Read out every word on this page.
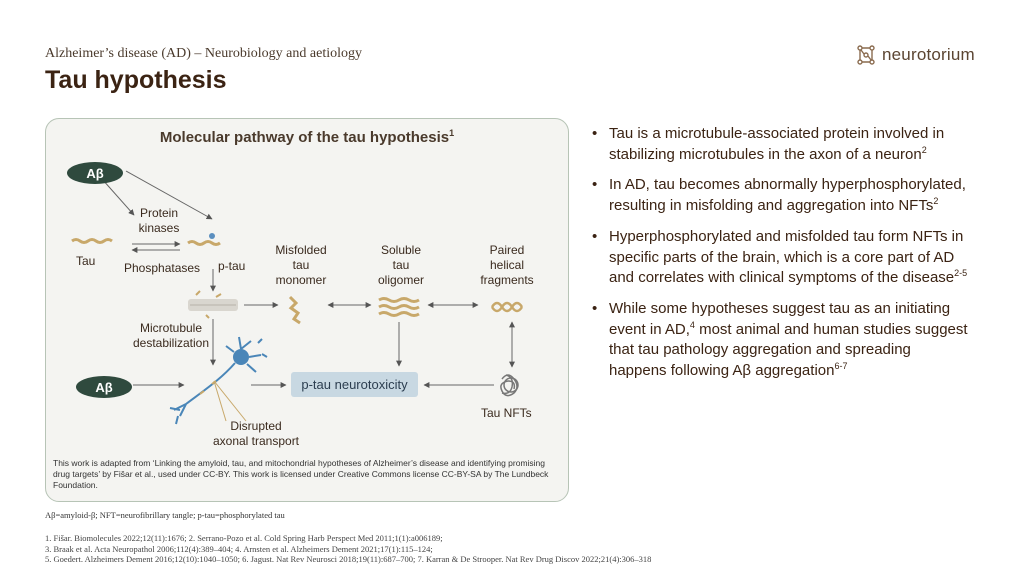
Alzheimer’s disease (AD) – Neurobiology and aetiology
Tau hypothesis
neurotorium
Molecular pathway of the tau hypothesis$^1$
Aβ
Aβ
Protein
kinases
Tau Phosphatases p-tau
Misfolded
tau
monomer
Soluble
tau
oligomer
Paired
helical
fragments
Microtubule
destabilization
p-tau neurotoxicity
Tau NFTs
Disrupted
axonal transport
This work is adapted from ‘Linking the amyloid, tau, and mitochondrial hypotheses of Alzheimer’s disease and identifying promising drug targets’ by Fišar et al., used under CC-BY. This work is licensed under Creative Commons license CC-BY-SA by The Lundbeck Foundation.
Aβ=amyloid-β; NFT=neurofibrillary tangle; p-tau=phosphorylated tau
1. Fišar. Biomolecules 2022;12(11):1676; 2. Serrano-Pozo et al. Cold Spring Harb Perspect Med 2011;1(1):a006189;
3. Braak et al. Acta Neuropathol 2006;112(4):389–404; 4. Arnsten et al. Alzheimers Dement 2021;17(1):115–124;
5. Goedert. Alzheimers Dement 2016;12(10):1040–1050; 6. Jagust. Nat Rev Neurosci 2018;19(11):687–700; 7. Karran & De Strooper. Nat Rev Drug Discov 2022;21(4):306–318
• Tau is a microtubule-associated protein involved in stabilizing microtubules in the axon of a neuron$^2$
• In AD, tau becomes abnormally hyperphosphorylated, resulting in misfolding and aggregation into NFTs$^2$
• Hyperphosphorylated and misfolded tau form NFTs in specific parts of the brain, which is a core part of AD and correlates with clinical symptoms of the disease$^{2-5}$
• While some hypotheses suggest tau as an initiating event in AD,$^4$ most animal and human studies suggest that tau pathology aggregation and spreading happens following Aβ aggregation$^{6-7}$
